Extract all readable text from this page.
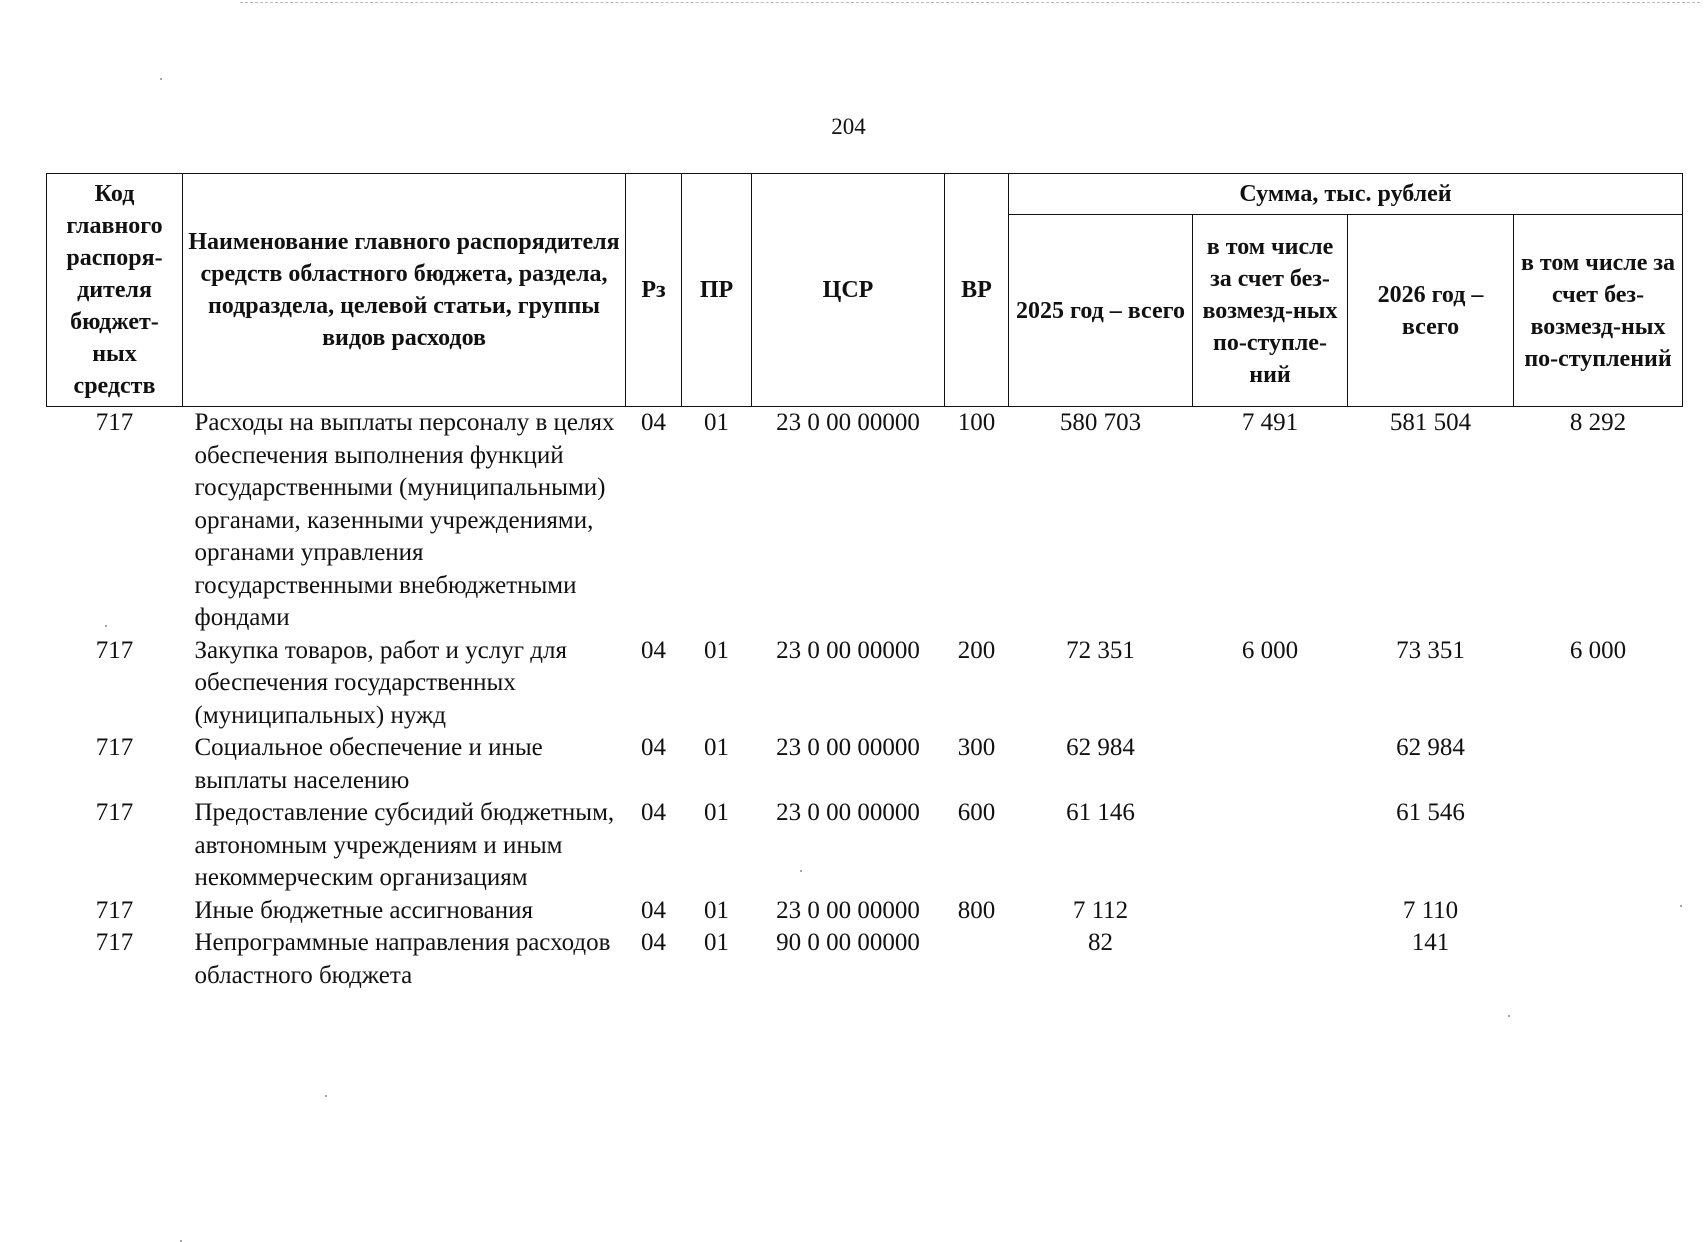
204
Код главного распоря-дителя бюджет-ных средств	Наименование главного распорядителя средств областного бюджета, раздела, подраздела, целевой статьи, группы видов расходов	Рз	ПР	ЦСР	ВР	Сумма, тыс. рублей			
						2025 год – всего	в том числе за счет без-возмезд-ных по-ступле-ний	2026 год – всего	в том числе за счет без-возмезд-ных по-ступлений
717	Расходы на выплаты персоналу в целях обеспечения выполнения функций государственными (муниципальными) органами, казенными учреждениями, органами управления государственными внебюджетными фондами	04	01	23 0 00 00000	100	580 703	7 491	581 504	8 292
717	Закупка товаров, работ и услуг для обеспечения государственных (муниципальных) нужд	04	01	23 0 00 00000	200	72 351	6 000	73 351	6 000
717	Социальное обеспечение и иные выплаты населению	04	01	23 0 00 00000	300	62 984		62 984	
717	Предоставление субсидий бюджетным, автономным учреждениям и иным некоммерческим организациям	04	01	23 0 00 00000	600	61 146		61 546	
717	Иные бюджетные ассигнования	04	01	23 0 00 00000	800	7 112		7 110	
717	Непрограммные направления расходов областного бюджета	04	01	90 0 00 00000		82		141	
